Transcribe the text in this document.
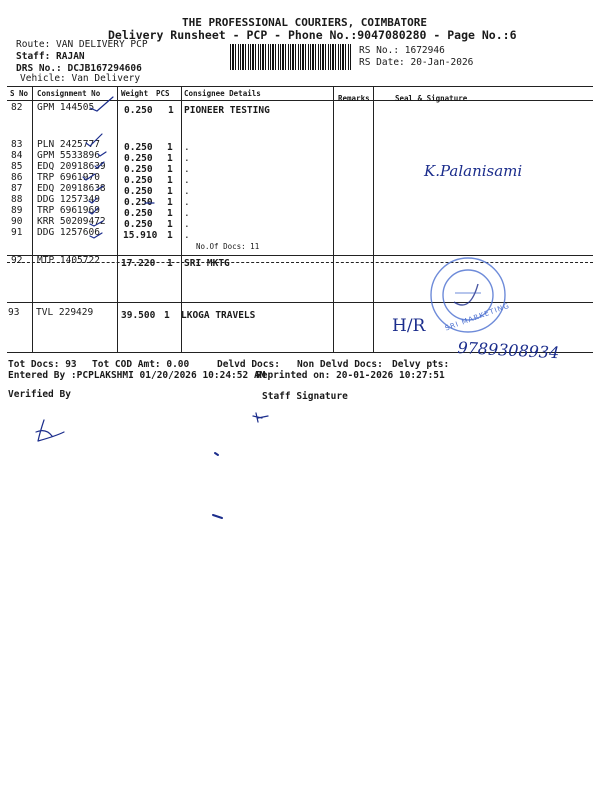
THE PROFESSIONAL COURIERS, COIMBATORE
Delivery Runsheet - PCP - Phone No.:9047080280 - Page No.:6
Route: VAN DELIVERY PCP
Staff: RAJAN
DRS No.: DCJB167294606
Vehicle: Van Delivery
RS No.: 1672946
RS Date: 20-Jan-2026
S No Consignment No	Weight PCS Consignee Details
Remarks	Seal & Signature
82 GPM 144505	0.250 1 PIONEER TESTING
83 PLN 2425777	0.250 1 .
84 GPM 5533896	0.250 1 .
85 EDQ 20918639 0.250 1 .
86 TRP 6961970	0.250 1 .
87 EDQ 20918638 0.250 1 .
88 DDG 1257349	0.250 1 .
89 TRP 6961969	0.250 1 .
90 KRR 50209472 0.250 1 .
91 DDG 1257606 15.910 1 .
No.Of Docs: 11
92 MTP 1405722 17.220 1 SRI MKTG
93 TVL 229429	39.500 1 LKOGA TRAVELS	SRI MARKETING
K.Palanisami
H/R
9789308934
Tot Docs: 93 Tot COD Amt: 0.00	Delvd Docs: Non Delvd Docs: Delvy pts:
Entered By :PCPLAKSHMI 01/20/2026 10:24:52 AM
Reprinted on: 20-01-2026 10:27:51
Verified By	Staff Signature
